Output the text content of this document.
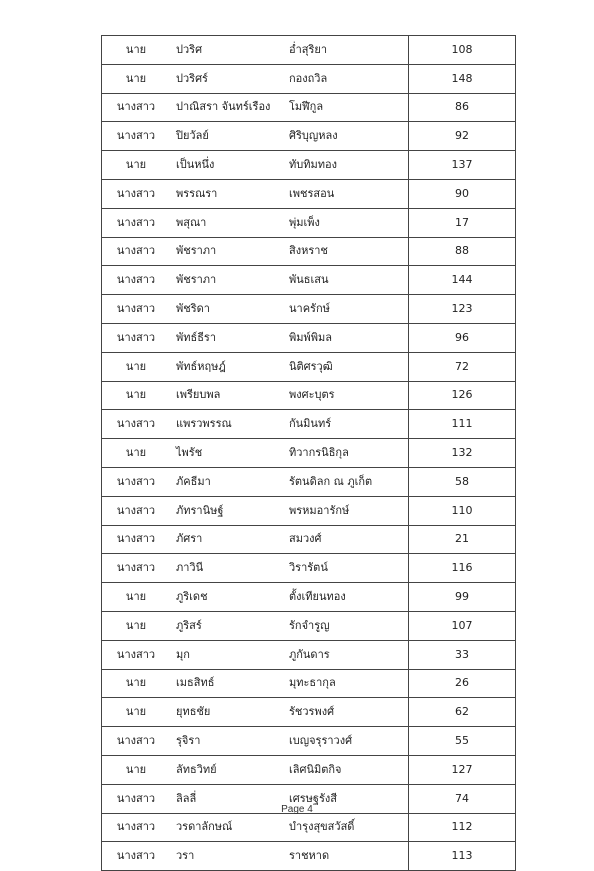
นาย	ปวริศ	อ่ำสุริยา	108
นาย	ปวริศร์	กองถวิล	148
นางสาว	ปาณิสรา จันทร์เรือง	โมฬีกูล	86
นางสาว	ปิยวัลย์	ศิริบุญหลง	92
นาย	เป็นหนึ่ง	ทับทิมทอง	137
นางสาว	พรรณรา	เพชรสอน	90
นางสาว	พสุณา	พุ่มเพ็ง	17
นางสาว	พัชราภา	สิงหราช	88
นางสาว	พัชราภา	พันธเสน	144
นางสาว	พัชริดา	นาครักษ์	123
นางสาว	พัทธ์ธีรา	พิมพ์พิมล	96
นาย	พัทธ์หฤษฎ์	นิติศรวุฒิ	72
นาย	เพรียบพล	พงศะบุตร	126
นางสาว	แพรวพรรณ	กันมินทร์	111
นาย	ไพรัช	ทิวากรนิธิกุล	132
นางสาว	ภัคธีมา	รัตนดิลก ณ ภูเก็ต	58
นางสาว	ภัทรานิษฐ์	พรหมอารักษ์	110
นางสาว	ภัศรา	สมวงศ์	21
นางสาว	ภาวินี	วิรารัตน์	116
นาย	ภูริเดช	ตั้งเทียนทอง	99
นาย	ภูริสร์	รักจำรูญ	107
นางสาว	มุก	ภูกันดาร	33
นาย	เมธสิทธ์	มุทะธากุล	26
นาย	ยุทธชัย	รัชวรพงศ์	62
นางสาว	รุจิรา	เบญจรุราวงศ์	55
นาย	ลัทธวิทย์	เลิศนิมิตกิจ	127
นางสาว	ลิลลี่	เศรษฐรังสี	74
นางสาว	วรดาลักษณ์	บำรุงสุขสวัสดิ์	112
นางสาว	วรา	ราชหาด	113
Page 4
